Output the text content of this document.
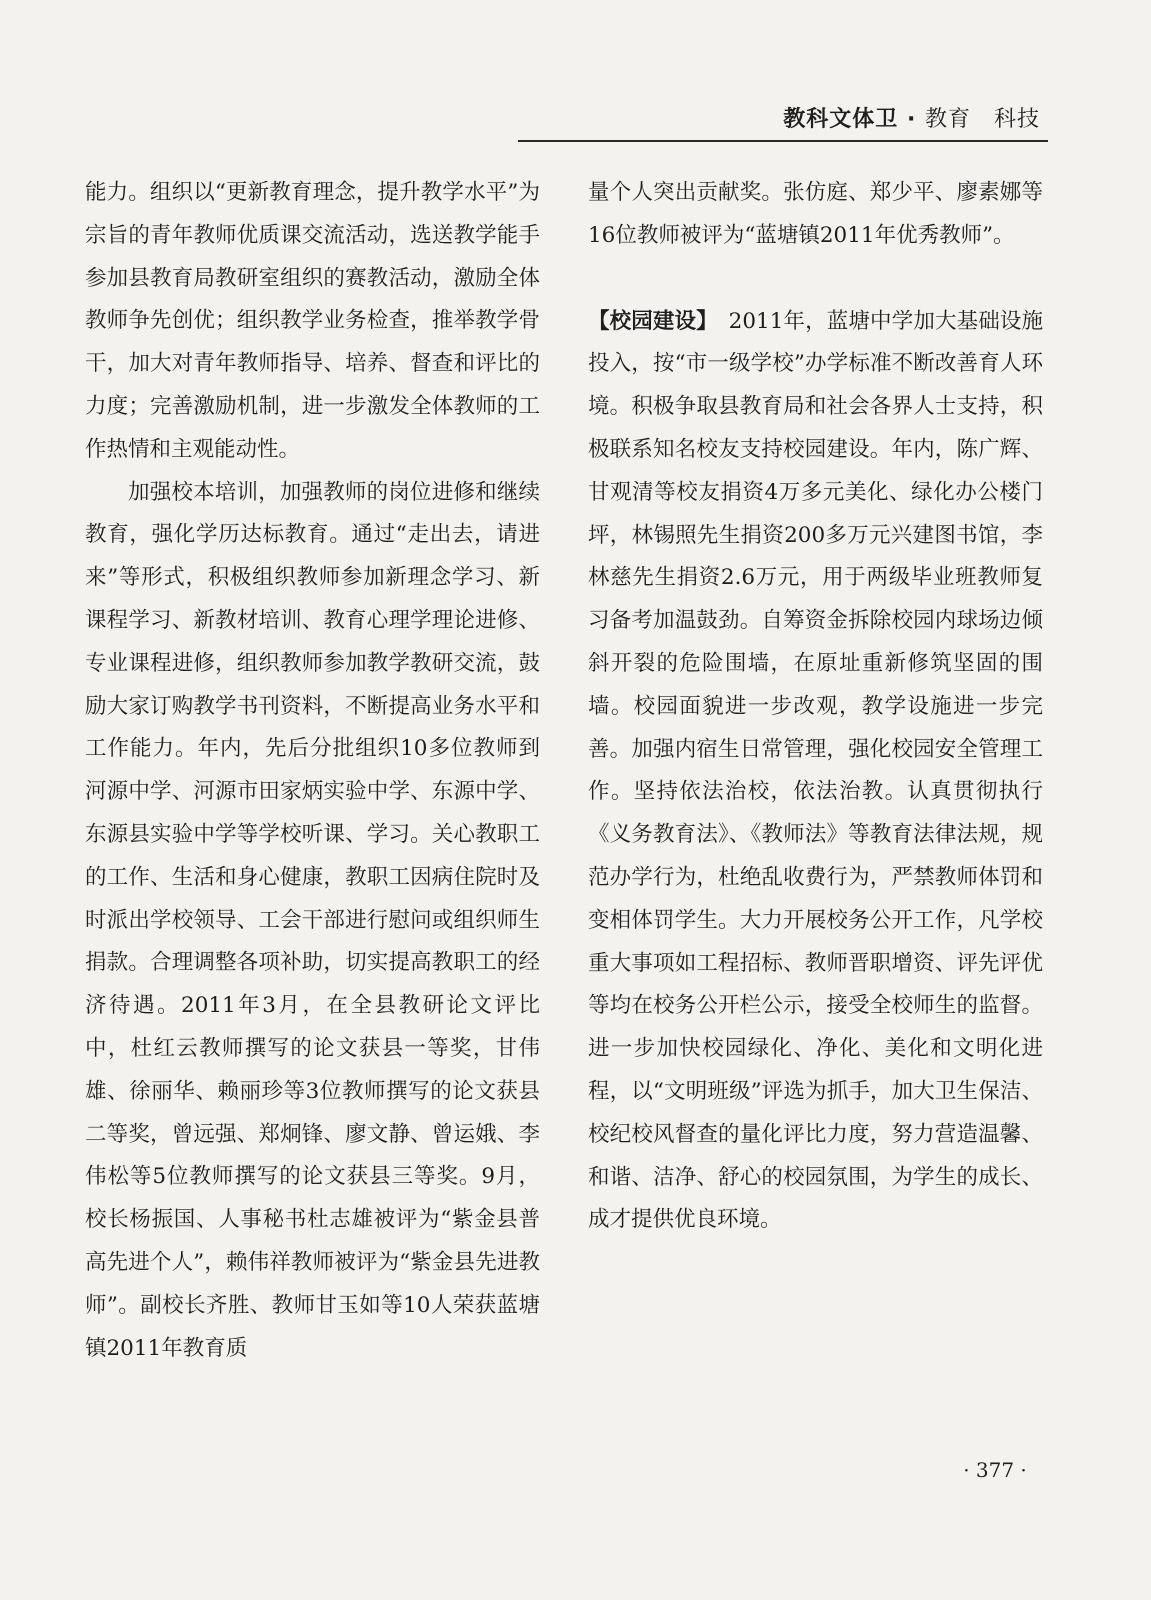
教科文体卫 · 教育　科技

能力。组织以“更新教育理念，提升教学水平”为宗旨的青年教师优质课交流活动，选送教学能手参加县教育局教研室组织的赛教活动，激励全体教师争先创优；组织教学业务检查，推举教学骨干，加大对青年教师指导、培养、督查和评比的力度；完善激励机制，进一步激发全体教师的工作热情和主观能动性。

加强校本培训，加强教师的岗位进修和继续教育，强化学历达标教育。通过“走出去，请进来”等形式，积极组织教师参加新理念学习、新课程学习、新教材培训、教育心理学理论进修、专业课程进修，组织教师参加教学教研交流，鼓励大家订购教学书刊资料，不断提高业务水平和工作能力。年内，先后分批组织10多位教师到河源中学、河源市田家炳实验中学、东源中学、东源县实验中学等学校听课、学习。关心教职工的工作、生活和身心健康，教职工因病住院时及时派出学校领导、工会干部进行慰问或组织师生捐款。合理调整各项补助，切实提高教职工的经济待遇。2011年3月，在全县教研论文评比中，杜红云教师撰写的论文获县一等奖，甘伟雄、徐丽华、赖丽珍等3位教师撰写的论文获县二等奖，曾远强、郑炯锋、廖文静、曾运娥、李伟松等5位教师撰写的论文获县三等奖。9月，校长杨振国、人事秘书杜志雄被评为“紫金县普高先进个人”，赖伟祥教师被评为“紫金县先进教师”。副校长齐胜、教师甘玉如等10人荣获蓝塘镇2011年教育质

量个人突出贡献奖。张仿庭、郑少平、廖素娜等16位教师被评为“蓝塘镇2011年优秀教师”。

【校园建设】　2011年，蓝塘中学加大基础设施投入，按“市一级学校”办学标准不断改善育人环境。积极争取县教育局和社会各界人士支持，积极联系知名校友支持校园建设。年内，陈广辉、甘观清等校友捐资4万多元美化、绿化办公楼门坪，林锡照先生捐资200多万元兴建图书馆，李林慈先生捐资2.6万元，用于两级毕业班教师复习备考加温鼓劲。自筹资金拆除校园内球场边倾斜开裂的危险围墙，在原址重新修筑坚固的围墙。校园面貌进一步改观，教学设施进一步完善。加强内宿生日常管理，强化校园安全管理工作。坚持依法治校，依法治教。认真贯彻执行《义务教育法》、《教师法》等教育法律法规，规范办学行为，杜绝乱收费行为，严禁教师体罚和变相体罚学生。大力开展校务公开工作，凡学校重大事项如工程招标、教师晋职增资、评先评优等均在校务公开栏公示，接受全校师生的监督。进一步加快校园绿化、净化、美化和文明化进程，以“文明班级”评选为抓手，加大卫生保洁、校纪校风督查的量化评比力度，努力营造温馨、和谐、洁净、舒心的校园氛围，为学生的成长、成才提供优良环境。

· 377 ·
